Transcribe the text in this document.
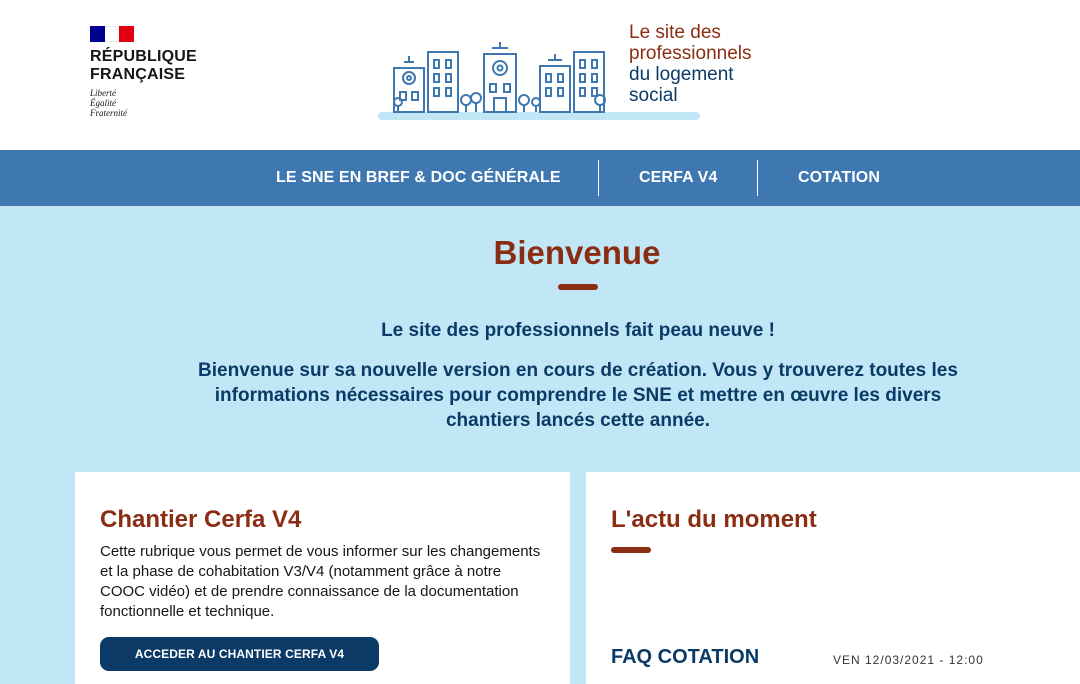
RÉPUBLIQUE
FRANÇAISE
Liberté
Égalité
Fraternité
Le site des
professionnels
du logement
social
LE SNE EN BREF & DOC GÉNÉRALE	CERFA V4	COTATION
Bienvenue

Le site des professionnels fait peau neuve !

Bienvenue sur sa nouvelle version en cours de création. Vous y trouverez toutes les informations nécessaires pour comprendre le SNE et mettre en œuvre les divers chantiers lancés cette année.

Chantier Cerfa V4

Cette rubrique vous permet de vous informer sur les changements et la phase de cohabitation V3/V4 (notamment grâce à notre COOC vidéo) et de prendre connaissance de la documentation fonctionnelle et technique.

ACCEDER AU CHANTIER CERFA V4
L'actu du moment
FAQ COTATION	VEN 12/03/2021 - 12:00
